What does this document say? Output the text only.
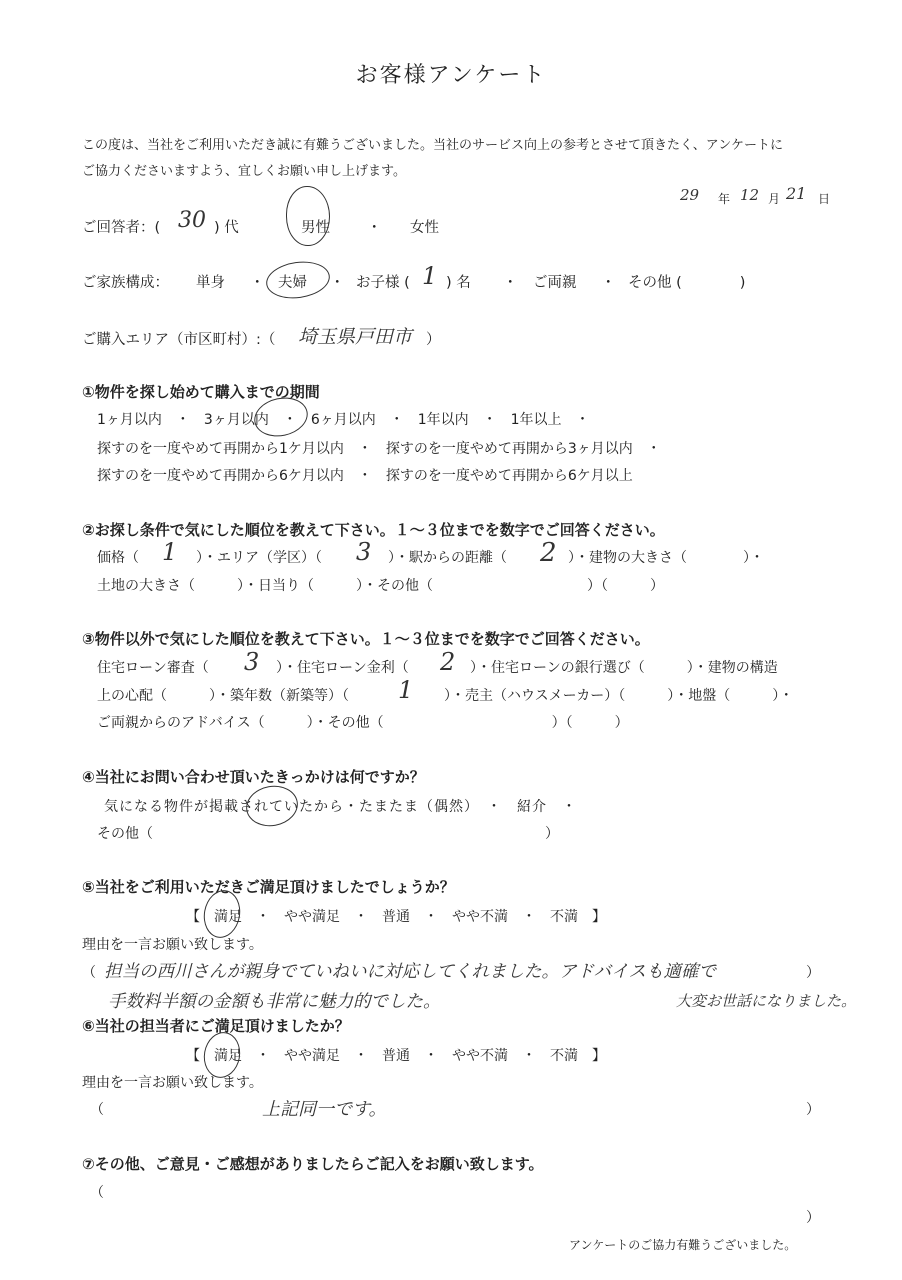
お客様アンケート
この度は、当社をご利用いただき誠に有難うございました。当社のサービス向上の参考とさせて頂きたく、アンケートに
ご協力くださいますよう、宜しくお願い申し上げます。
29 年 12 月 21 日
ご回答者：( 30 ) 代	男性	・ 女性
ご家族構成： 単身 ・ 夫婦 ・ お子様 ( 1 ) 名 ・ ご両親 ・ その他 (　　　　)
ご購入エリア（市区町村）:（ 埼玉県戸田市 ）
①物件を探し始めて購入までの期間
1ヶ月以内　・　3ヶ月以内　・　6ヶ月以内　・　1年以内　・　1年以上　・
探すのを一度やめて再開から1ケ月以内　・　探すのを一度やめて再開から3ヶ月以内　・
探すのを一度やめて再開から6ケ月以内　・　探すのを一度やめて再開から6ケ月以上
②お探し条件で気にした順位を教えて下さい。１～３位までを数字でご回答ください。
価格（ 1 ）・エリア（学区）（ 3 ）・駅からの距離（ 2 ）・建物の大きさ（　　　　）・
土地の大きさ（　　　）・日当り（　　　）・その他（　　　　　　　　　　　）（　　　）
③物件以外で気にした順位を教えて下さい。１～３位までを数字でご回答ください。
住宅ローン審査（ 3 ）・住宅ローン金利（ 2 ）・住宅ローンの銀行選び（　　　）・建物の構造
上の心配（　　　）・築年数（新築等）（ 1 ）・売主（ハウスメーカー）（　　　）・地盤（　　　）・
ご両親からのアドバイス（　　　）・その他（　　　　　　　　　　　　）（　　　）
④当社にお問い合わせ頂いたきっかけは何ですか？
気になる物件が掲載されていたから・たまたま（偶然）　・　紹介　・
その他（　　　　　　　　　　　　　　　　　　　　　　　　　　　　）
⑤当社をご利用いただきご満足頂けましたでしょうか？
【　満足　・　やや満足　・　普通　・　やや不満　・　不満　】
理由を一言お願い致します。
（ 担当の西川さんが親身でていねいに対応してくれました。アドバイスも適確で	）
手数料半額の金額も非常に魅力的でした。	大変お世話になりました。
⑥当社の担当者にご満足頂けましたか？
【　満足　・　やや満足　・　普通　・　やや不満　・　不満　】
理由を一言お願い致します。
（	上記同一です。	）
⑦その他、ご意見・ご感想がありましたらご記入をお願い致します。
（
）
アンケートのご協力有難うございました。
